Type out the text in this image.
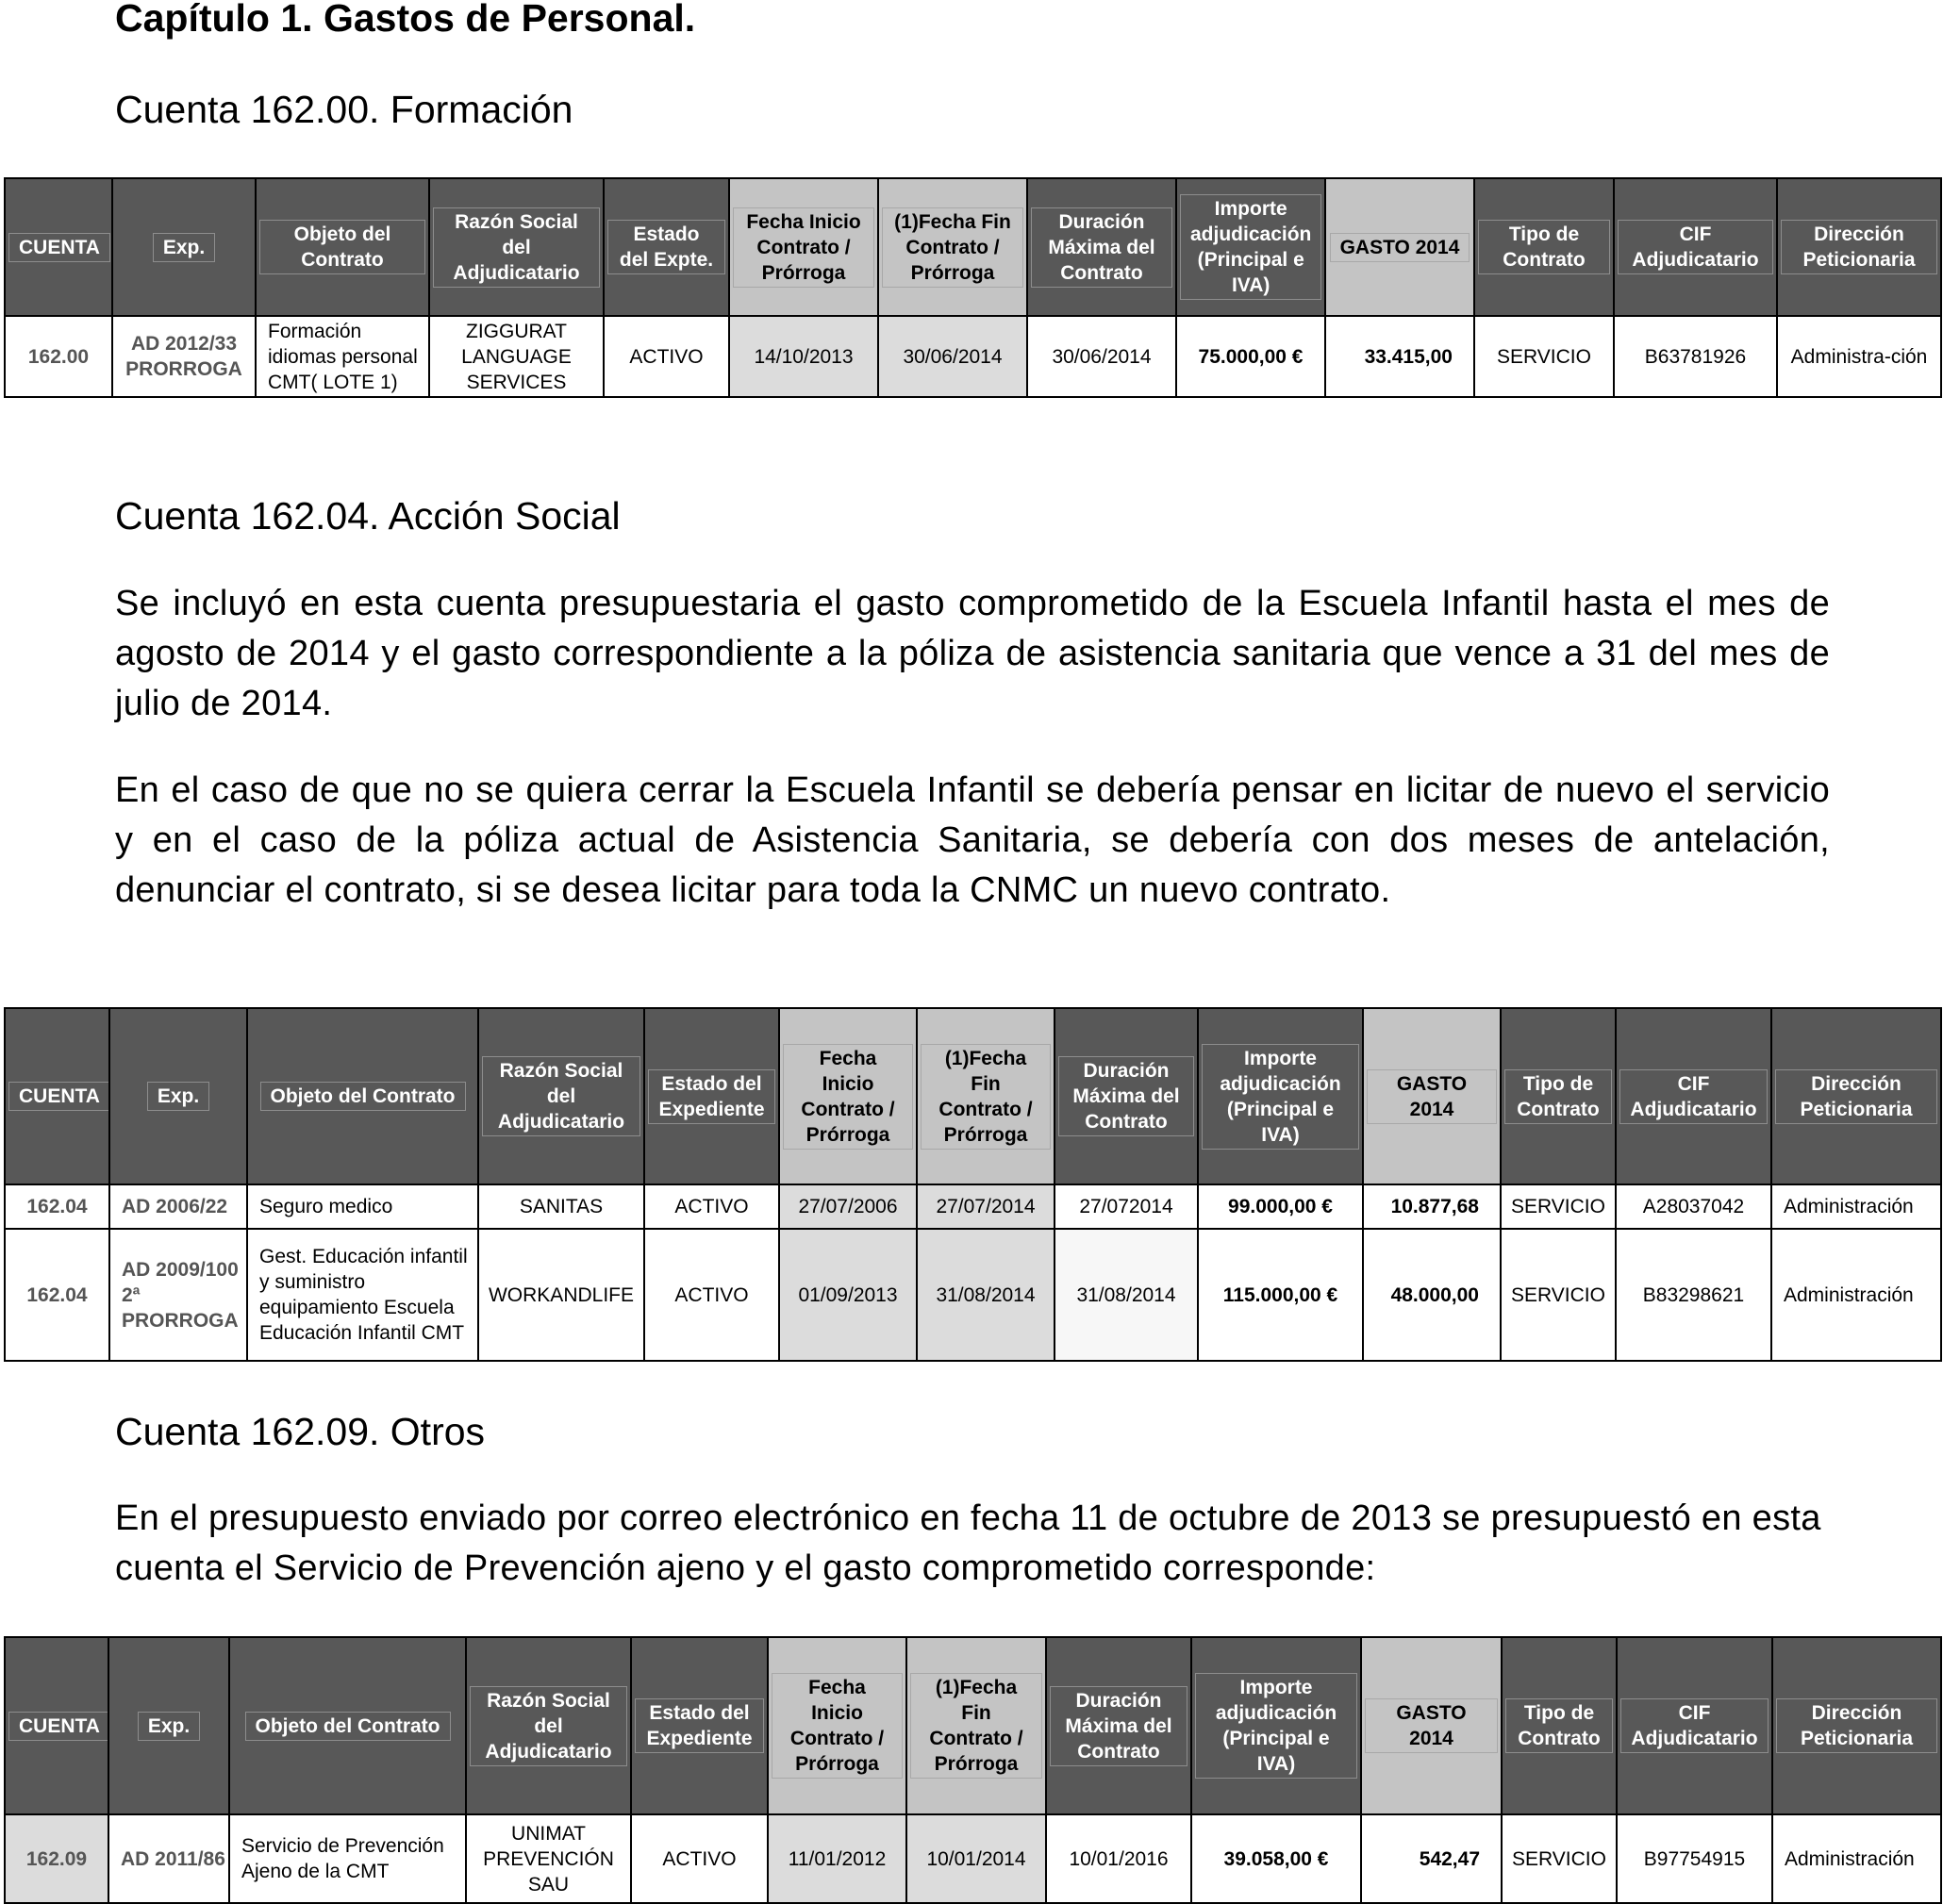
Capítulo 1. Gastos de Personal.
Cuenta 162.00. Formación
CUENTA	Exp.	Objeto del Contrato	Razón Social del Adjudicatario	Estado del Expte.	Fecha Inicio Contrato / Prórroga	(1)Fecha Fin Contrato / Prórroga	Duración Máxima del Contrato	Importe adjudicación (Principal e IVA)	GASTO 2014	Tipo de Contrato	CIF Adjudicatario	Dirección Peticionaria
162.00	AD 2012/33 PRORROGA	Formación idiomas personal CMT( LOTE 1)	ZIGGURAT LANGUAGE SERVICES	ACTIVO	14/10/2013	30/06/2014	30/06/2014	75.000,00 €	33.415,00	SERVICIO	B63781926	Administra-ción
Cuenta 162.04. Acción Social

Se incluyó en esta cuenta presupuestaria el gasto comprometido de la Escuela Infantil hasta el mes de agosto de 2014 y el gasto correspondiente a la póliza de asistencia sanitaria que vence a 31 del mes de julio de 2014.

En el caso de que no se quiera cerrar la Escuela Infantil se debería pensar en licitar de nuevo el servicio y en el caso de la póliza actual de Asistencia Sanitaria, se debería con dos meses de antelación, denunciar el contrato, si se desea licitar para toda la CNMC un nuevo contrato.

CUENTA	Exp.	Objeto del Contrato	Razón Social del Adjudicatario	Estado del Expediente	Fecha Inicio Contrato / Prórroga	(1)Fecha Fin Contrato / Prórroga	Duración Máxima del Contrato	Importe adjudicación (Principal e IVA)	GASTO 2014	Tipo de Contrato	CIF Adjudicatario	Dirección Peticionaria
162.04	AD 2006/22	Seguro medico	SANITAS	ACTIVO	27/07/2006	27/07/2014	27/072014	99.000,00 €	10.877,68	SERVICIO	A28037042	Administración
162.04	AD 2009/100 2ª PRORROGA	Gest. Educación infantil y suministro equipamiento Escuela Educación Infantil CMT	WORKANDLIFE	ACTIVO	01/09/2013	31/08/2014	31/08/2014	115.000,00 €	48.000,00	SERVICIO	B83298621	Administración
Cuenta 162.09. Otros

En el presupuesto enviado por correo electrónico en fecha 11 de octubre de 2013 se presupuestó en esta cuenta el Servicio de Prevención ajeno y el gasto comprometido corresponde:

CUENTA	Exp.	Objeto del Contrato	Razón Social del Adjudicatario	Estado del Expediente	Fecha Inicio Contrato / Prórroga	(1)Fecha Fin Contrato / Prórroga	Duración Máxima del Contrato	Importe adjudicación (Principal e IVA)	GASTO 2014	Tipo de Contrato	CIF Adjudicatario	Dirección Peticionaria
162.09	AD 2011/86	Servicio de Prevención Ajeno de la CMT	UNIMAT PREVENCIÓN SAU	ACTIVO	11/01/2012	10/01/2014	10/01/2016	39.058,00 €	542,47	SERVICIO	B97754915	Administración
